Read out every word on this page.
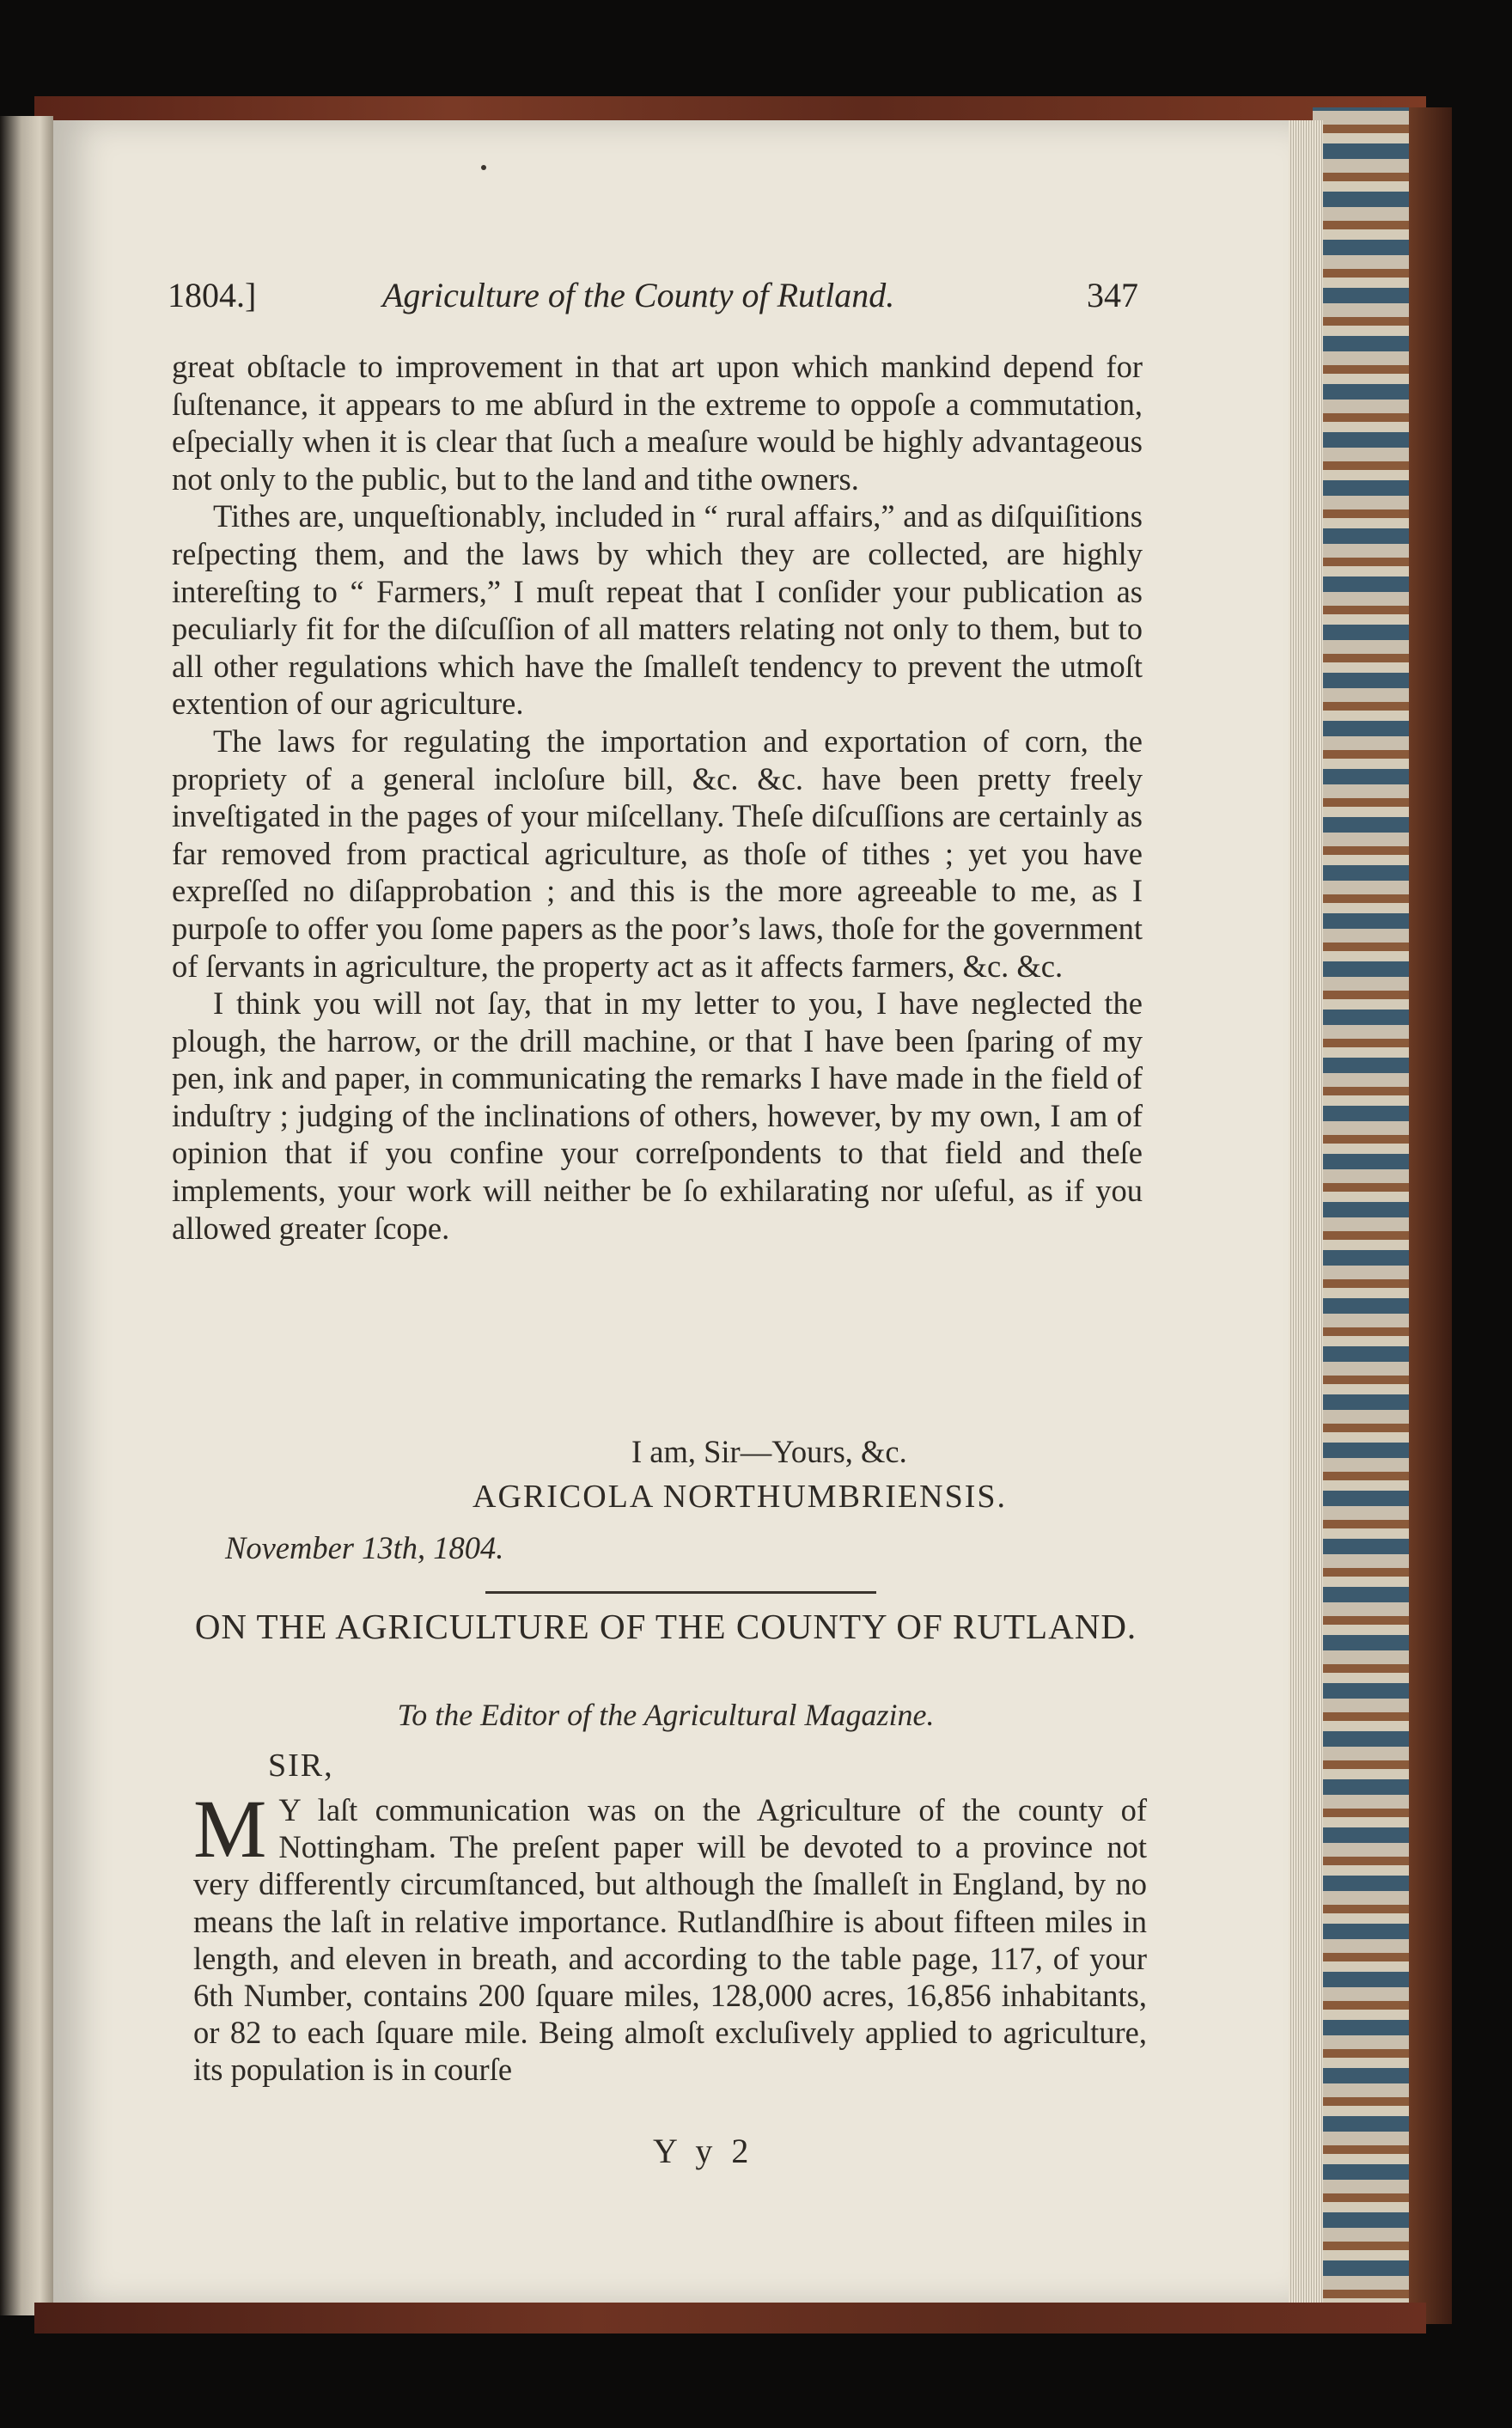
1804.]	Agriculture of the County of Rutland.	347

great obſtacle to improvement in that art upon which mankind depend for ſuſtenance, it appears to me abſurd in the extreme to oppoſe a commutation, eſpecially when it is clear that ſuch a meaſure would be highly advantageous not only to the public, but to the land and tithe owners.

Tithes are, unqueſtionably, included in “ rural affairs,” and as diſquiſitions reſpecting them, and the laws by which they are collected, are highly intereſting to “ Farmers,” I muſt repeat that I conſider your publication as peculiarly fit for the diſcuſſion of all matters relating not only to them, but to all other regulations which have the ſmalleſt tendency to prevent the utmoſt extention of our agriculture.

The laws for regulating the importation and exportation of corn, the propriety of a general incloſure bill, &c. &c. have been pretty freely inveſtigated in the pages of your miſcellany. Theſe diſcuſſions are certainly as far removed from practical agriculture, as thoſe of tithes ; yet you have expreſſed no diſapprobation ; and this is the more agreeable to me, as I purpoſe to offer you ſome papers as the poor’s laws, thoſe for the government of ſervants in agriculture, the property act as it affects farmers, &c. &c.

I think you will not ſay, that in my letter to you, I have neglected the plough, the harrow, or the drill machine, or that I have been ſparing of my pen, ink and paper, in communicating the remarks I have made in the field of induſtry ; judging of the inclinations of others, however, by my own, I am of opinion that if you confine your correſpondents to that field and theſe implements, your work will neither be ſo exhilarating nor uſeful, as if you allowed greater ſcope.

I am, Sir—Yours, &c.
AGRICOLA NORTHUMBRIENSIS.
November 13th, 1804.
ON THE AGRICULTURE OF THE COUNTY OF RUTLAND.
To the Editor of the Agricultural Magazine.
SIR,
M Y laſt communication was on the Agriculture of the county of Nottingham. The preſent paper will be devoted to a province not very differently circumſtanced, but although the ſmalleſt in England, by no means the laſt in relative importance. Rutlandſhire is about fifteen miles in length, and eleven in breath, and according to the table page, 117, of your 6th Number, contains 200 ſquare miles, 128,000 acres, 16,856 inhabitants, or 82 to each ſquare mile. Being almoſt excluſively applied to agriculture, its population is in courſe
Y y 2
